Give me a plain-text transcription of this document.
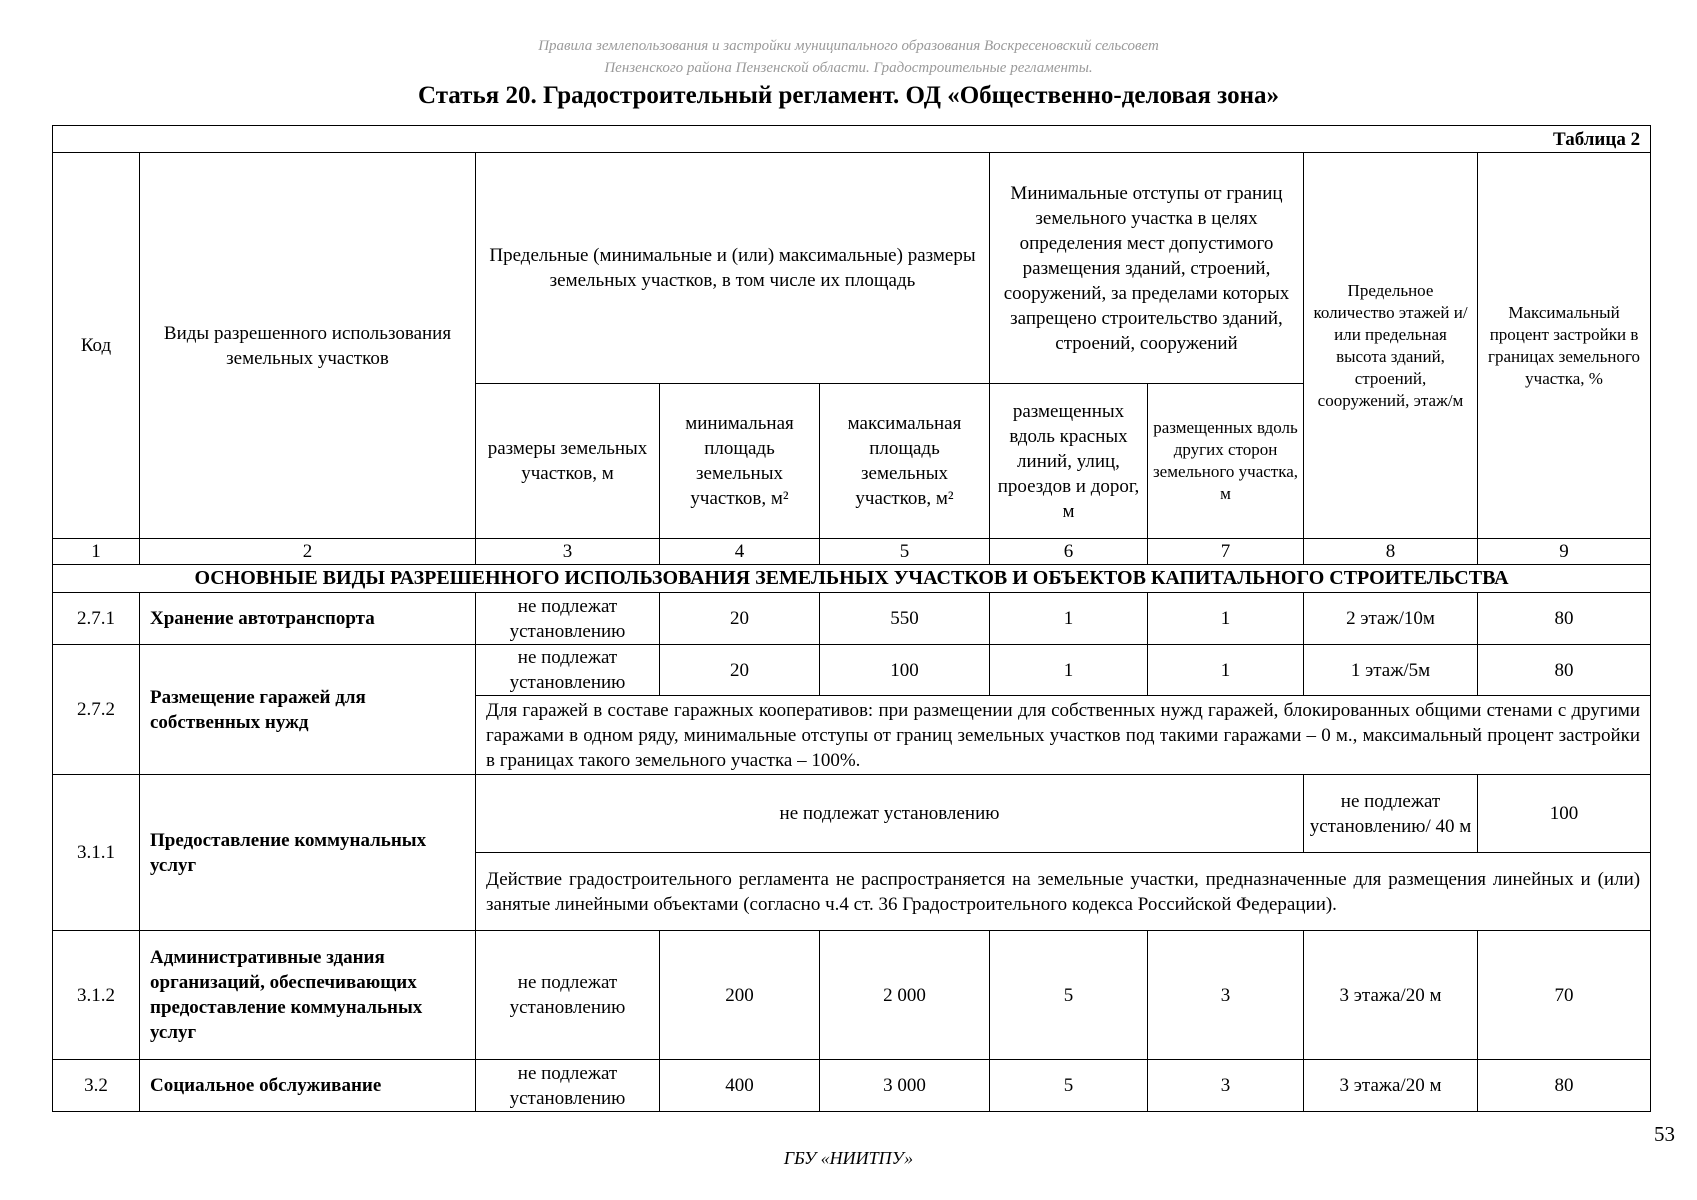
Правила землепользования и застройки муниципального образования Воскресеновский сельсовет
Пензенского района Пензенской области. Градостроительные регламенты.
Статья 20. Градостроительный регламент. ОД «Общественно-деловая зона»
Таблица 2								
Код	Виды разрешенного использования земельных участков	Предельные (минимальные и (или) максимальные) размеры земельных участков, в том числе их площадь			Минимальные отступы от границ земельного участка в целях определения мест допустимого размещения зданий, строений, сооружений, за пределами которых запрещено строительство зданий, строений, сооружений		Предельное количество этажей и/или предельная высота зданий, строений, сооружений, этаж/м	Максимальный процент застройки в границах земельного участка, %
		размеры земельных участков, м	минимальная площадь земельных участков, м²	максимальная площадь земельных участков, м²	размещенных вдоль красных линий, улиц, проездов и дорог, м	размещенных вдоль других сторон земельного участка, м		
1	2	3	4	5	6	7	8	9
ОСНОВНЫЕ ВИДЫ РАЗРЕШЕННОГО ИСПОЛЬЗОВАНИЯ ЗЕМЕЛЬНЫХ УЧАСТКОВ И ОБЪЕКТОВ КАПИТАЛЬНОГО СТРОИТЕЛЬСТВА								
2.7.1	Хранение автотранспорта	не подлежат установлению	20	550	1	1	2 этаж/10м	80
2.7.2	Размещение гаражей для собственных нужд	не подлежат установлению	20	100	1	1	1 этаж/5м	80
		Для гаражей в составе гаражных кооперативов: при размещении для собственных нужд гаражей, блокированных общими стенами с другими гаражами в одном ряду, минимальные отступы от границ земельных участков под такими гаражами – 0 м., максимальный процент застройки в границах такого земельного участка – 100%.						
3.1.1	Предоставление коммунальных услуг	не подлежат установлению					не подлежат установлению/ 40 м	100
		Действие градостроительного регламента не распространяется на земельные участки, предназначенные для размещения линейных и (или) занятые линейными объектами (согласно ч.4 ст. 36 Градостроительного кодекса Российской Федерации).						
3.1.2	Административные здания организаций, обеспечивающих предоставление коммунальных услуг	не подлежат установлению	200	2 000	5	3	3 этажа/20 м	70
3.2	Социальное обслуживание	не подлежат установлению	400	3 000	5	3	3 этажа/20 м	80
53
ГБУ «НИИТПУ»
